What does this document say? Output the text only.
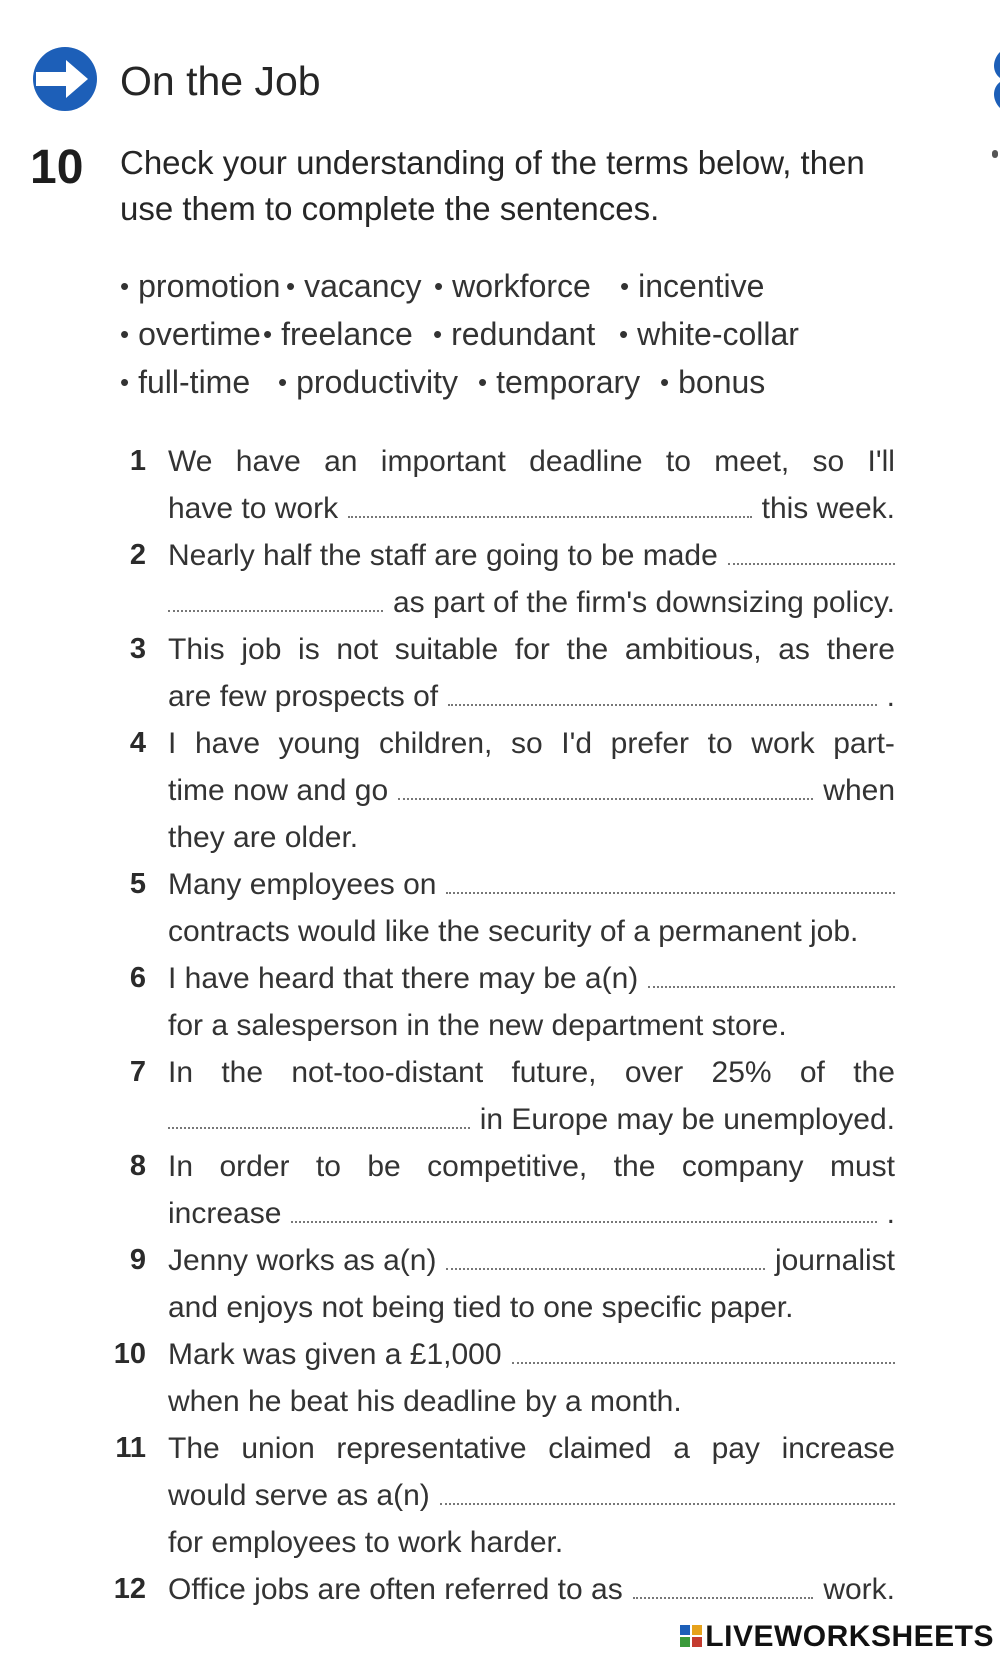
On the Job
10 Check your understanding of the terms below, then
use them to complete the sentences.
• promotion • vacancy • workforce	• incentive
• overtime • freelance • redundant • white-collar
• full-time	• productivity • temporary • bonus
1 We have an important deadline to meet, so I'll
have to work	this week.
2 Nearly half the staff are going to be made
as part of the firm's downsizing policy.
3 This job is not suitable for the ambitious, as there
are few prospects of	.
4 I have young children, so I'd prefer to work part-
time now and go	when
they are older.
5 Many employees on
contracts would like the security of a permanent job.
6 I have heard that there may be a(n)
for a salesperson in the new department store.
7 In the not-too-distant future, over 25% of the
in Europe may be unemployed.
8 In order to be competitive, the company must
increase	.
9 Jenny works as a(n)	journalist
and enjoys not being tied to one specific paper.
10 Mark was given a £1,000
when he beat his deadline by a month.
11 The union representative claimed a pay increase
would serve as a(n)
for employees to work harder.
12 Office jobs are often referred to as	work.
LIVEWORKSHEETS
